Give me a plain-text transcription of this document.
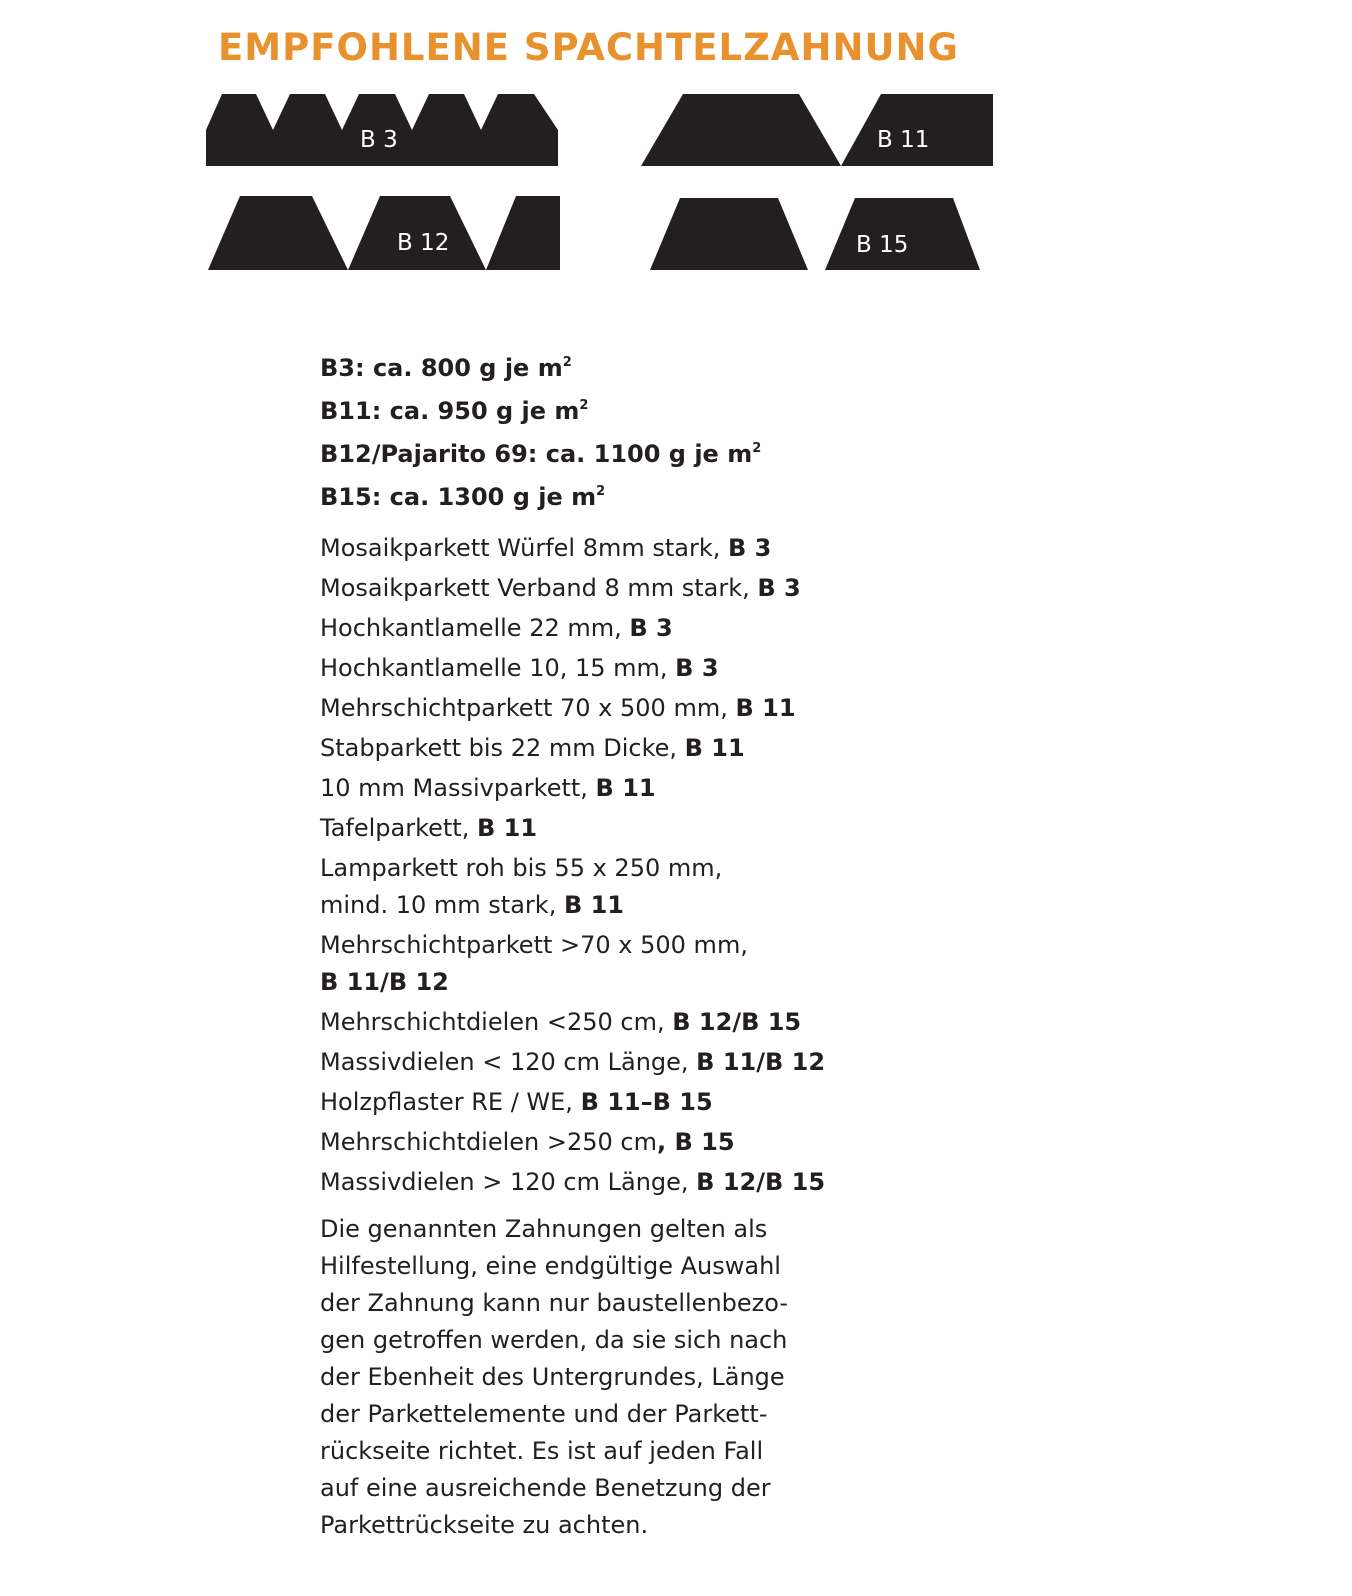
EMPFOHLENE SPACHTELZAHNUNG
B 3	B 11
B 12	B 15
B3: ca. 800 g je $m^2$
B11: ca. 950 g je $m^2$
B12/Pajarito 69: ca. 1100 g je $m^2$
B15: ca. 1300 g je $m^2$
Mosaikparkett Würfel 8mm stark, B 3
Mosaikparkett Verband 8 mm stark, B 3
Hochkantlamelle 22 mm, B 3
Hochkantlamelle 10, 15 mm, B 3
Mehrschichtparkett 70 x 500 mm, B 11
Stabparkett bis 22 mm Dicke, B 11
10 mm Massivparkett, B 11
Tafelparkett, B 11
Lamparkett roh bis 55 x 250 mm,
mind. 10 mm stark, B 11
Mehrschichtparkett >70 x 500 mm,
B 11/B 12
Mehrschichtdielen <250 cm, B 12/B 15
Massivdielen < 120 cm Länge, B 11/B 12
Holzpflaster RE / WE, B 11–B 15
Mehrschichtdielen >250 cm, B 15
Massivdielen > 120 cm Länge, B 12/B 15

Die genannten Zahnungen gelten als
Hilfestellung, eine endgültige Auswahl
der Zahnung kann nur baustellenbezo-
gen getroffen werden, da sie sich nach
der Ebenheit des Untergrundes, Länge
der Parkettelemente und der Parkett-
rückseite richtet. Es ist auf jeden Fall
auf eine ausreichende Benetzung der
Parkettrückseite zu achten.
